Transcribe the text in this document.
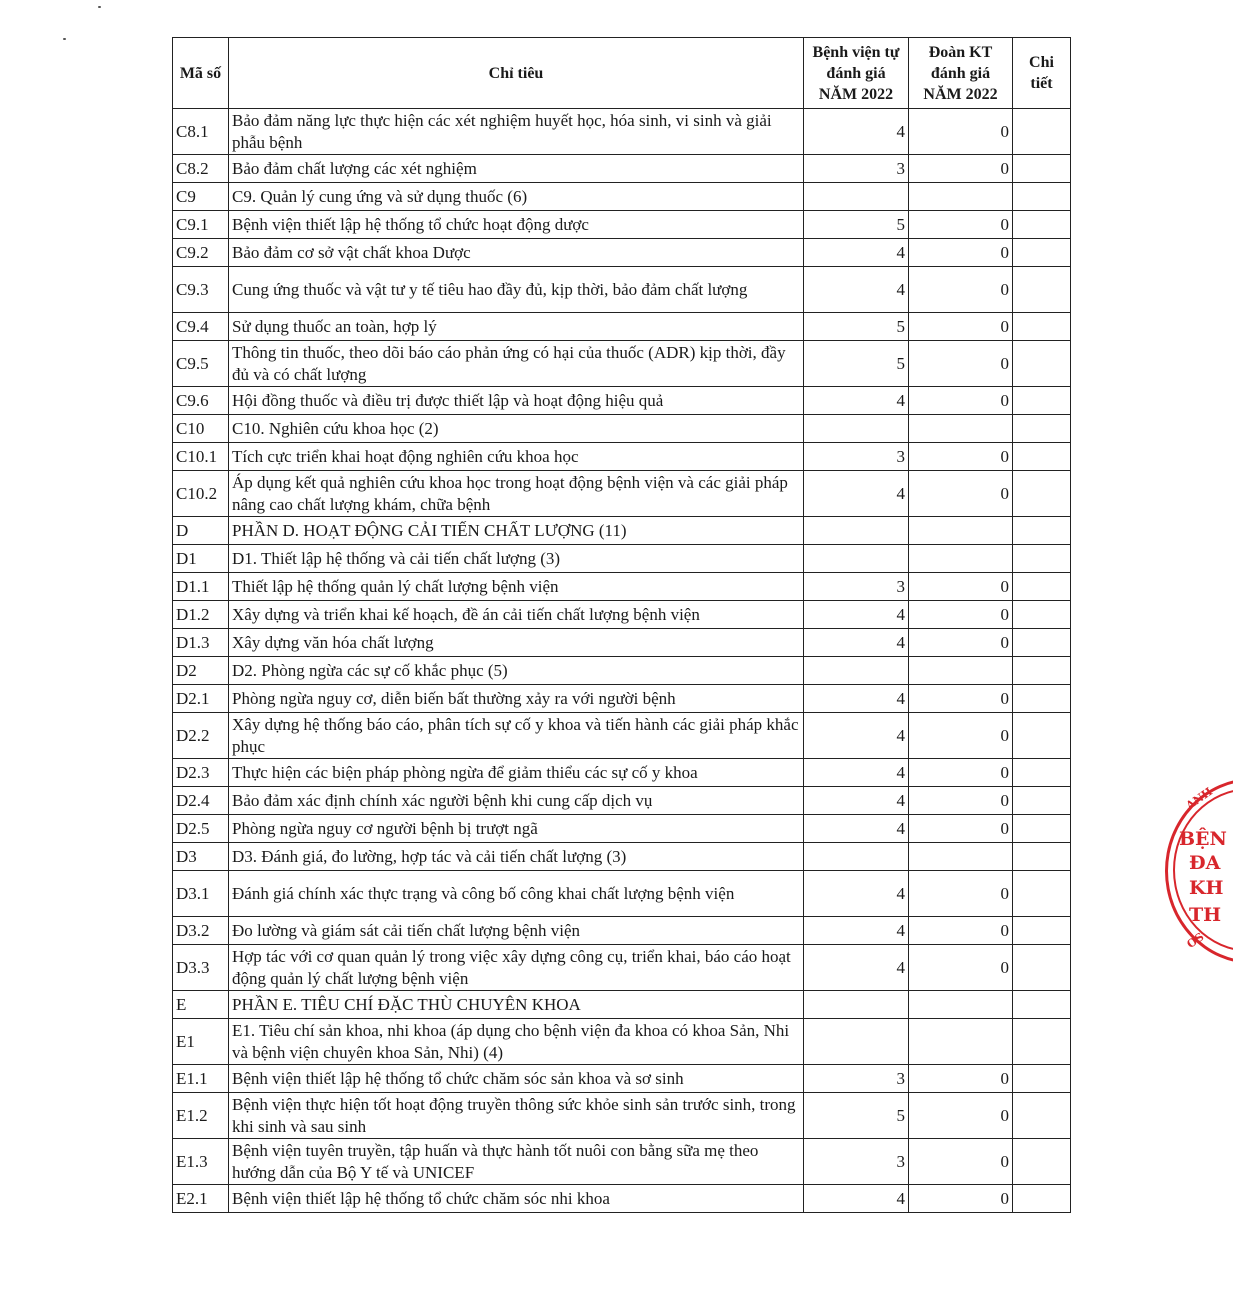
Mã số	Chỉ tiêu	Bệnh viện tự đánh giá NĂM 2022	Đoàn KT đánh giá NĂM 2022	Chi tiết
C8.1	Bảo đảm năng lực thực hiện các xét nghiệm huyết học, hóa sinh, vi sinh và giải phẫu bệnh	4	0	
C8.2	Bảo đảm chất lượng các xét nghiệm	3	0	
C9	C9. Quản lý cung ứng và sử dụng thuốc (6)			
C9.1	Bệnh viện thiết lập hệ thống tổ chức hoạt động dược	5	0	
C9.2	Bảo đảm cơ sở vật chất khoa Dược	4	0	
C9.3	Cung ứng thuốc và vật tư y tế tiêu hao đầy đủ, kịp thời, bảo đảm chất lượng	4	0	
C9.4	Sử dụng thuốc an toàn, hợp lý	5	0	
C9.5	Thông tin thuốc, theo dõi báo cáo phản ứng có hại của thuốc (ADR) kịp thời, đầy đủ và có chất lượng	5	0	
C9.6	Hội đồng thuốc và điều trị được thiết lập và hoạt động hiệu quả	4	0	
C10	C10. Nghiên cứu khoa học (2)			
C10.1	Tích cực triển khai hoạt động nghiên cứu khoa học	3	0	
C10.2	Áp dụng kết quả nghiên cứu khoa học trong hoạt động bệnh viện và các giải pháp nâng cao chất lượng khám, chữa bệnh	4	0	
D	PHẦN D. HOẠT ĐỘNG CẢI TIẾN CHẤT LƯỢNG (11)			
D1	D1. Thiết lập hệ thống và cải tiến chất lượng (3)			
D1.1	Thiết lập hệ thống quản lý chất lượng bệnh viện	3	0	
D1.2	Xây dựng và triển khai kế hoạch, đề án cải tiến chất lượng bệnh viện	4	0	
D1.3	Xây dựng văn hóa chất lượng	4	0	
D2	D2. Phòng ngừa các sự cố khắc phục (5)			
D2.1	Phòng ngừa nguy cơ, diễn biến bất thường xảy ra với người bệnh	4	0	
D2.2	Xây dựng hệ thống báo cáo, phân tích sự cố y khoa và tiến hành các giải pháp khắc phục	4	0	
D2.3	Thực hiện các biện pháp phòng ngừa để giảm thiểu các sự cố y khoa	4	0	
D2.4	Bảo đảm xác định chính xác người bệnh khi cung cấp dịch vụ	4	0	
D2.5	Phòng ngừa nguy cơ người bệnh bị trượt ngã	4	0	
D3	D3. Đánh giá, đo lường, hợp tác và cải tiến chất lượng (3)			
D3.1	Đánh giá chính xác thực trạng và công bố công khai chất lượng bệnh viện	4	0	
D3.2	Đo lường và giám sát cải tiến chất lượng bệnh viện	4	0	
D3.3	Hợp tác với cơ quan quản lý trong việc xây dựng công cụ, triển khai, báo cáo hoạt động quản lý chất lượng bệnh viện	4	0	
E	PHẦN E. TIÊU CHÍ ĐẶC THÙ CHUYÊN KHOA			
E1	E1. Tiêu chí sản khoa, nhi khoa (áp dụng cho bệnh viện đa khoa có khoa Sản, Nhi và bệnh viện chuyên khoa Sản, Nhi) (4)			
E1.1	Bệnh viện thiết lập hệ thống tổ chức chăm sóc sản khoa và sơ sinh	3	0	
E1.2	Bệnh viện thực hiện tốt hoạt động truyền thông sức khỏe sinh sản trước sinh, trong khi sinh và sau sinh	5	0	
E1.3	Bệnh viện tuyên truyền, tập huấn và thực hành tốt nuôi con bằng sữa mẹ theo hướng dẫn của Bộ Y tế và UNICEF	3	0	
E2.1	Bệnh viện thiết lập hệ thống tổ chức chăm sóc nhi khoa	4	0	
ANH
BỆN
ĐA
KH
TH
OS
